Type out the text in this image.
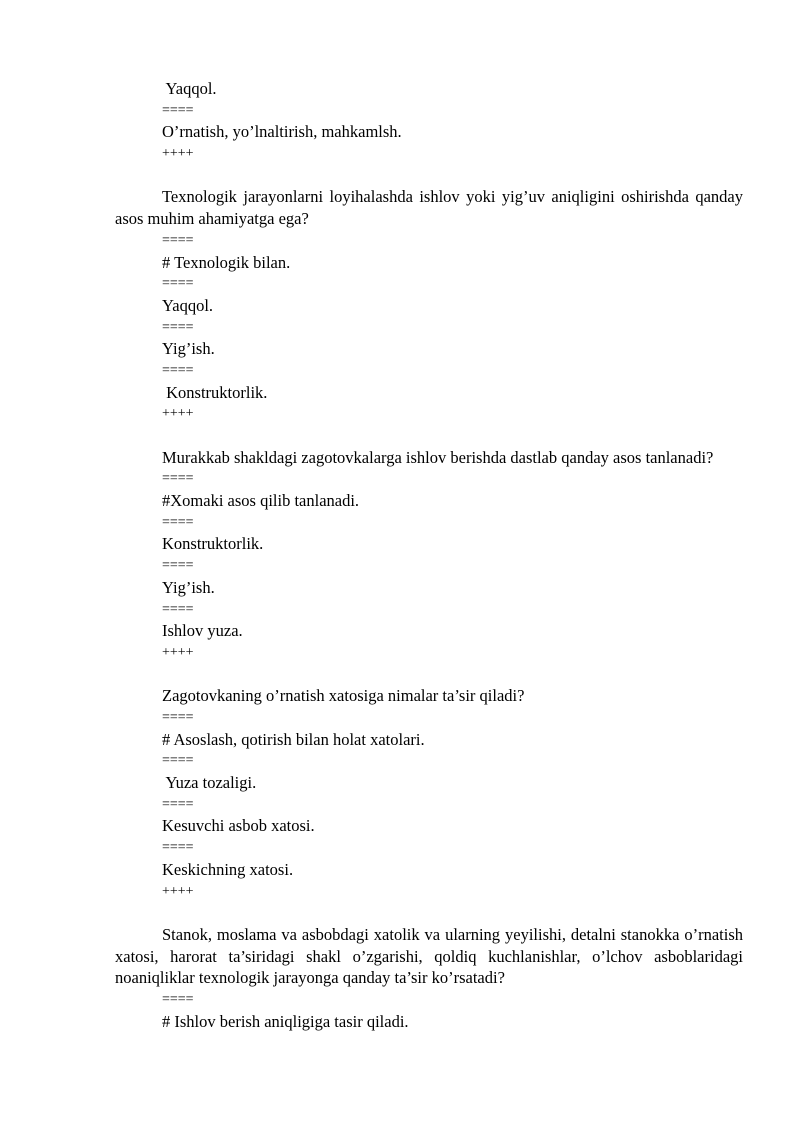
Yaqqol.
====
O’rnatish, yo’lnaltirish, mahkamlsh.
++++

Texnologik jarayonlarni loyihalashda ishlov yoki yig’uv aniqligini oshirishda qanday asos muhim ahamiyatga ega?

====
# Texnologik bilan.
====
Yaqqol.
====
Yig’ish.
====
Konstruktorlik.
++++

Murakkab shakldagi zagotovkalarga ishlov berishda dastlab qanday asos tanlanadi?

====
#Xomaki asos qilib tanlanadi.
====
Konstruktorlik.
====
Yig’ish.
====
Ishlov yuza.
++++

Zagotovkaning o’rnatish xatosiga nimalar ta’sir qiladi?

====
# Asoslash, qotirish bilan holat xatolari.
====
Yuza tozaligi.
====
Kesuvchi asbob xatosi.
====
Keskichning xatosi.
++++

Stanok, moslama va asbobdagi xatolik va ularning yeyilishi, detalni stanokka o’rnatish xatosi, harorat ta’siridagi shakl o’zgarishi, qoldiq kuchlanishlar, o’lchov asboblaridagi noaniqliklar texnologik jarayonga qanday ta’sir ko’rsatadi?

====
# Ishlov berish aniqligiga tasir qiladi.
